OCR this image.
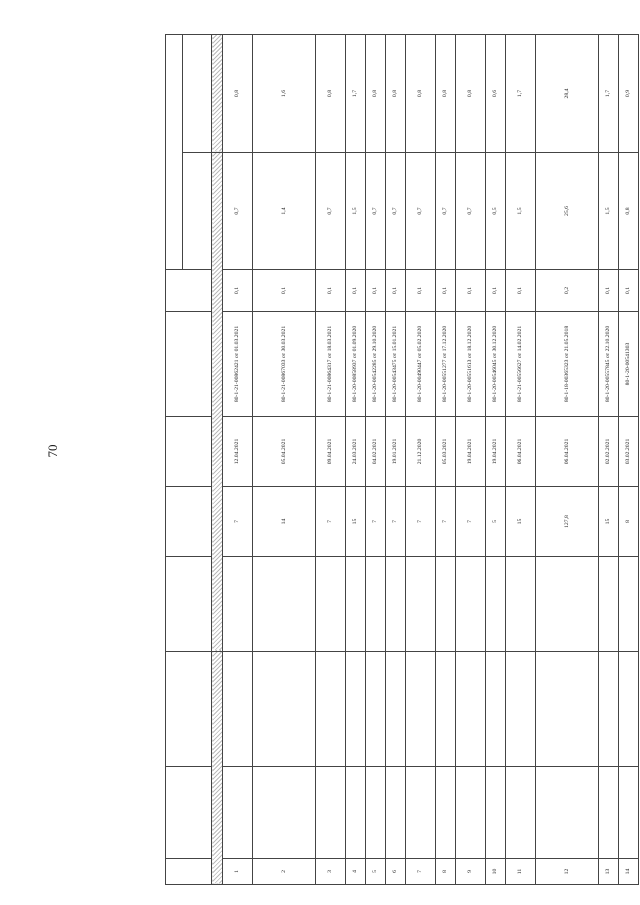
70

1				7	12.04.2021	80-1-21-00862421 от 01.03.2021	0,1	0,7	0,8
2				14	05.04.2021	80-1-21-00867033 от 30.03.2021	0,1	1,4	1,6
3				7	09.04.2021	80-1-21-00864317 от 18.03.2021	0,1	0,7	0,8
4				15	24.03.2021	80-1-20-00858937 от 01.09.2020	0,1	1,5	1,7
5				7	04.02.2021	80-1-20-00542285 от 29.10.2020	0,1	0,7	0,8
6				7	19.01.2021	80-1-20-00543475 от 15.01.2021	0,1	0,7	0,8
7				7	21.12.2020	80-1-20-00490447 от 05.02.2020	0,1	0,7	0,8
8				7	05.03.2021	80-1-20-00551277 от 17.12.2020	0,1	0,7	0,8
9				7	19.04.2021	80-1-20-00551613 от 18.12.2020	0,1	0,7	0,8
10				5	19.04.2021	80-1-20-00546045 от 30.12.2020	0,1	0,5	0,6
11				15	06.04.2021	80-1-21-00556627 от 14.02.2021	0,1	1,5	1,7
12				127,8	06.04.2021	80-1-18-00365323 от 21.05.2018	0,2	25,6	28,4
13				15	02.02.2021	80-1-20-00557845 от 22.10.2020	0,1	1,5	1,7
14				8	03.02.2021	80-1-20-00541303	0,1	0,8	0,9
